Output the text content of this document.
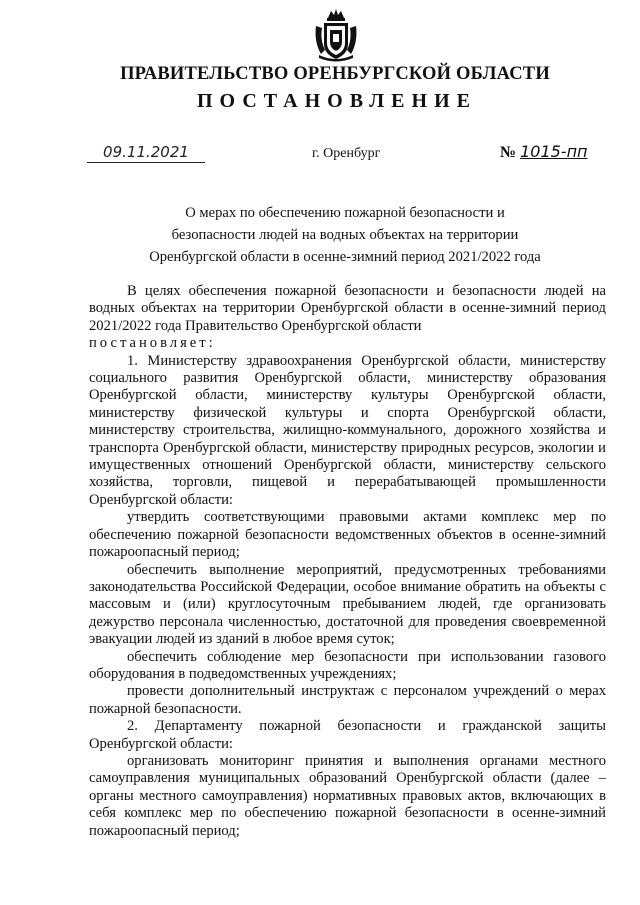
ПРАВИТЕЛЬСТВО ОРЕНБУРГСКОЙ ОБЛАСТИ
ПОСТАНОВЛЕНИЕ
09.11.2021	г. Оренбург	№ 1015-пп
О мерах по обеспечению пожарной безопасности и
безопасности людей на водных объектах на территории
Оренбургской области в осенне-зимний период 2021/2022 года

В целях обеспечения пожарной безопасности и безопасности людей на водных объектах на территории Оренбургской области в осенне-зимний период 2021/2022 года Правительство Оренбургской области

постановляет:

1. Министерству здравоохранения Оренбургской области, министерству социального развития Оренбургской области, министерству образования Оренбургской области, министерству культуры Оренбургской области, министерству физической культуры и спорта Оренбургской области, министерству строительства, жилищно-коммунального, дорожного хозяйства и транспорта Оренбургской области, министерству природных ресурсов, экологии и имущественных отношений Оренбургской области, министерству сельского хозяйства, торговли, пищевой и перерабатывающей промышленности Оренбургской области:

утвердить соответствующими правовыми актами комплекс мер по обеспечению пожарной безопасности ведомственных объектов в осенне-зимний пожароопасный период;

обеспечить выполнение мероприятий, предусмотренных требованиями законодательства Российской Федерации, особое внимание обратить на объекты с массовым и (или) круглосуточным пребыванием людей, где организовать дежурство персонала численностью, достаточной для проведения своевременной эвакуации людей из зданий в любое время суток;

обеспечить соблюдение мер безопасности при использовании газового оборудования в подведомственных учреждениях;

провести дополнительный инструктаж с персоналом учреждений о мерах пожарной безопасности.

2. Департаменту пожарной безопасности и гражданской защиты Оренбургской области:

организовать мониторинг принятия и выполнения органами местного самоуправления муниципальных образований Оренбургской области (далее – органы местного самоуправления) нормативных правовых актов, включающих в себя комплекс мер по обеспечению пожарной безопасности в осенне-зимний пожароопасный период;
